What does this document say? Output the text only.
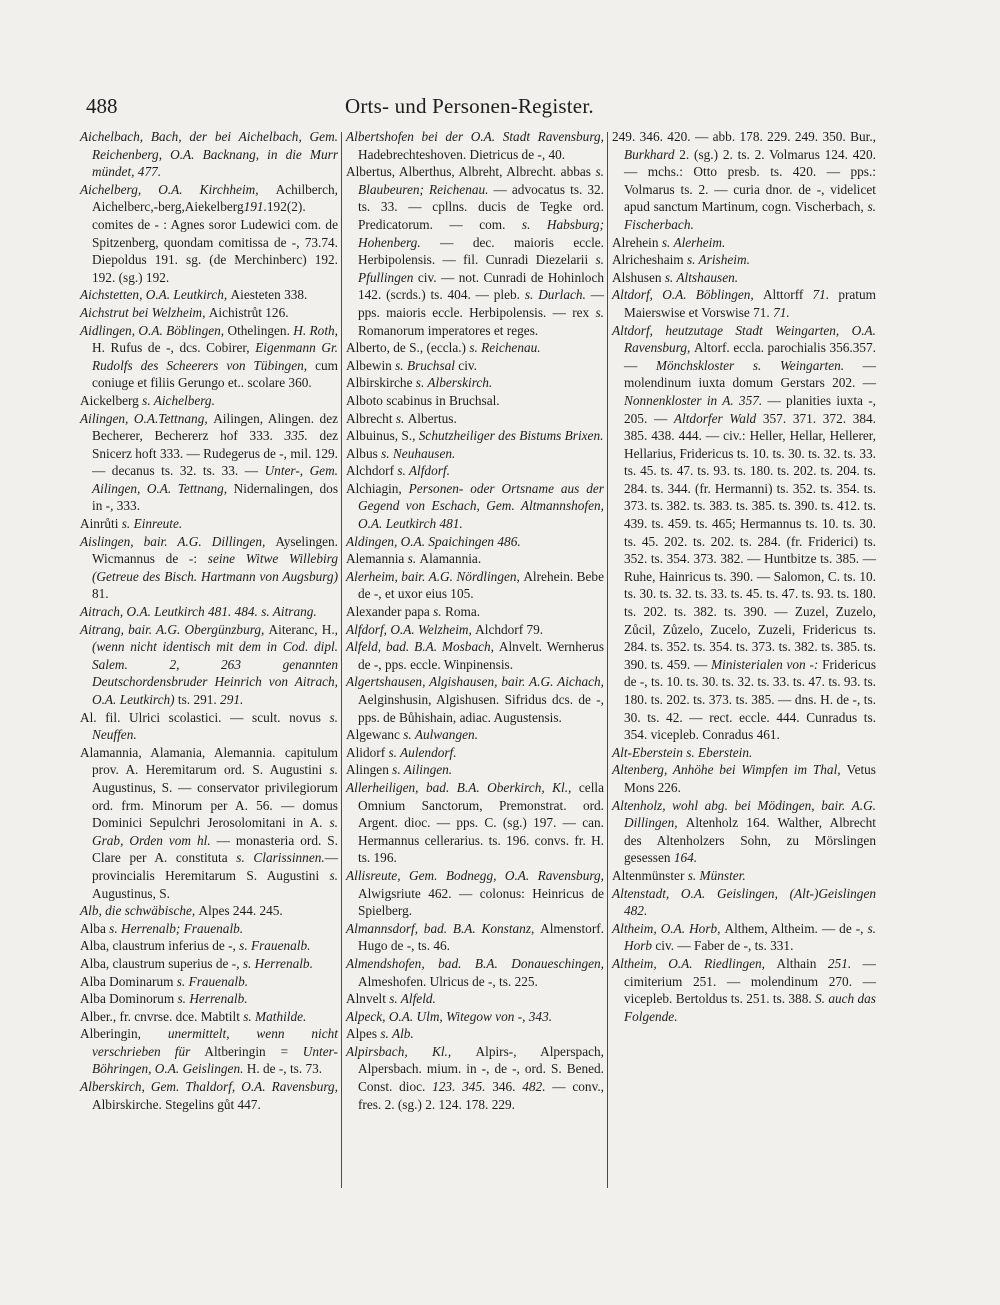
488	Orts- und Personen-Register.

Aichelbach, Bach, der bei Aichelbach, Gem. Reichenberg, O.A. Backnang, in die Murr mündet, 477.

Aichelberg, O.A. Kirchheim, Achilberch, Aichelberc,-berg,Aiekelberg191.192(2). comites de - : Agnes soror Ludewici com. de Spitzenberg, quondam comitissa de -, 73.74. Diepoldus 191. sg. (de Merchinberc) 192. 192. (sg.) 192.

Aichstetten, O.A. Leutkirch, Aiesteten 338.

Aichstrut bei Welzheim, Aichistrůt 126.

Aidlingen, O.A. Böblingen, Othelingen. H. Roth, H. Rufus de -, dcs. Cobirer, Eigenmann Gr. Rudolfs des Scheerers von Tübingen, cum coniuge et filiis Gerungo et.. scolare 360.

Aickelberg s. Aichelberg.

Ailingen, O.A.Tettnang, Ailingen, Alingen. dez Becherer, Bechererz hof 333. 335. dez Snicerz hoft 333. — Rudegerus de -, mil. 129. — decanus ts. 32. ts. 33. — Unter-, Gem. Ailingen, O.A. Tettnang, Nidernalingen, dos in -, 333.

Ainrůti s. Einreute.

Aislingen, bair. A.G. Dillingen, Ayselingen. Wicmannus de -: seine Witwe Willebirg (Getreue des Bisch. Hartmann von Augsburg) 81.

Aitrach, O.A. Leutkirch 481. 484. s. Aitrang.

Aitrang, bair. A.G. Obergünzburg, Aiteranc, H., (wenn nicht identisch mit dem in Cod. dipl. Salem. 2, 263 genannten Deutschordensbruder Heinrich von Aitrach, O.A. Leutkirch) ts. 291. 291.

Al. fil. Ulrici scolastici. — scult. novus s. Neuffen.

Alamannia, Alamania, Alemannia. capitulum prov. A. Heremitarum ord. S. Augustini s. Augustinus, S. — conservator privilegiorum ord. frm. Minorum per A. 56. — domus Dominici Sepulchri Jerosolomitani in A. s. Grab, Orden vom hl. — monasteria ord. S. Clare per A. constituta s. Clarissinnen.— provincialis Heremitarum S. Augustini s. Augustinus, S.

Alb, die schwäbische, Alpes 244. 245.

Alba s. Herrenalb; Frauenalb.

Alba, claustrum inferius de -, s. Frauenalb.

Alba, claustrum superius de -, s. Herrenalb.

Alba Dominarum s. Frauenalb.

Alba Dominorum s. Herrenalb.

Alber., fr. cnvrse. dce. Mabtilt s. Mathilde.

Alberingin, unermittelt, wenn nicht verschrieben für Altberingin = Unter-Böhringen, O.A. Geislingen. H. de -, ts. 73.

Alberskirch, Gem. Thaldorf, O.A. Ravensburg, Albirskirche. Stegelins gůt 447.

Albertshofen bei der O.A. Stadt Ravensburg, Hadebrechteshoven. Dietricus de -, 40.

Albertus, Alberthus, Albreht, Albrecht. abbas s. Blaubeuren; Reichenau. — advocatus ts. 32. ts. 33. — cpllns. ducis de Tegke ord. Predicatorum. — com. s. Habsburg; Hohenberg. — dec. maioris eccle. Herbipolensis. — fil. Cunradi Diezelarii s. Pfullingen civ. — not. Cunradi de Hohinloch 142. (scrds.) ts. 404. — pleb. s. Durlach. — pps. maioris eccle. Herbipolensis. — rex s. Romanorum imperatores et reges.

Alberto, de S., (eccla.) s. Reichenau.

Albewin s. Bruchsal civ.

Albirskirche s. Alberskirch.

Alboto scabinus in Bruchsal.

Albrecht s. Albertus.

Albuinus, S., Schutzheiliger des Bistums Brixen.

Albus s. Neuhausen.

Alchdorf s. Alfdorf.

Alchiagin, Personen- oder Ortsname aus der Gegend von Eschach, Gem. Altmannshofen, O.A. Leutkirch 481.

Aldingen, O.A. Spaichingen 486.

Alemannia s. Alamannia.

Alerheim, bair. A.G. Nördlingen, Alrehein. Bebe de -, et uxor eius 105.

Alexander papa s. Roma.

Alfdorf, O.A. Welzheim, Alchdorf 79.

Alfeld, bad. B.A. Mosbach, Alnvelt. Wernherus de -, pps. eccle. Winpinensis.

Algertshausen, Algishausen, bair. A.G. Aichach, Aelginshusin, Algishusen. Sifridus dcs. de -, pps. de Bůhishain, adiac. Augustensis.

Algewanc s. Aulwangen.

Alidorf s. Aulendorf.

Alingen s. Ailingen.

Allerheiligen, bad. B.A. Oberkirch, Kl., cella Omnium Sanctorum, Premonstrat. ord. Argent. dioc. — pps. C. (sg.) 197. — can. Hermannus cellerarius. ts. 196. convs. fr. H. ts. 196.

Allisreute, Gem. Bodnegg, O.A. Ravensburg, Alwigsriute 462. — colonus: Heinricus de Spielberg.

Almannsdorf, bad. B.A. Konstanz, Almenstorf. Hugo de -, ts. 46.

Almendshofen, bad. B.A. Donaueschingen, Almeshofen. Ulricus de -, ts. 225.

Alnvelt s. Alfeld.

Alpeck, O.A. Ulm, Witegow von -, 343.

Alpes s. Alb.

Alpirsbach, Kl., Alpirs-, Alperspach, Alpersbach. mium. in -, de -, ord. S. Bened. Const. dioc. 123. 345. 346. 482. — conv., fres. 2. (sg.) 2. 124. 178. 229.

249. 346. 420. — abb. 178. 229. 249. 350. Bur., Burkhard 2. (sg.) 2. ts. 2. Volmarus 124. 420. — mchs.: Otto presb. ts. 420. — pps.: Volmarus ts. 2. — curia dnor. de -, videlicet apud sanctum Martinum, cogn. Vischerbach, s. Fischerbach.

Alrehein s. Alerheim.

Alricheshaim s. Arisheim.

Alshusen s. Altshausen.

Altdorf, O.A. Böblingen, Alttorff 71. pratum Maierswise et Vorswise 71. 71.

Altdorf, heutzutage Stadt Weingarten, O.A. Ravensburg, Altorf. eccla. parochialis 356.357. — Mönchskloster s. Weingarten. — molendinum iuxta domum Gerstars 202. — Nonnenkloster in A. 357. — planities iuxta -, 205. — Altdorfer Wald 357. 371. 372. 384. 385. 438. 444. — civ.: Heller, Hellar, Hellerer, Hellarius, Fridericus ts. 10. ts. 30. ts. 32. ts. 33. ts. 45. ts. 47. ts. 93. ts. 180. ts. 202. ts. 204. ts. 284. ts. 344. (fr. Hermanni) ts. 352. ts. 354. ts. 373. ts. 382. ts. 383. ts. 385. ts. 390. ts. 412. ts. 439. ts. 459. ts. 465; Hermannus ts. 10. ts. 30. ts. 45. 202. ts. 202. ts. 284. (fr. Friderici) ts. 352. ts. 354. 373. 382. — Huntbitze ts. 385. — Ruhe, Hainricus ts. 390. — Salomon, C. ts. 10. ts. 30. ts. 32. ts. 33. ts. 45. ts. 47. ts. 93. ts. 180. ts. 202. ts. 382. ts. 390. — Zuzel, Zuzelo, Zůcil, Zůzelo, Zucelo, Zuzeli, Fridericus ts. 284. ts. 352. ts. 354. ts. 373. ts. 382. ts. 385. ts. 390. ts. 459. — Ministerialen von -: Fridericus de -, ts. 10. ts. 30. ts. 32. ts. 33. ts. 47. ts. 93. ts. 180. ts. 202. ts. 373. ts. 385. — dns. H. de -, ts. 30. ts. 42. — rect. eccle. 444. Cunradus ts. 354. vicepleb. Conradus 461.

Alt-Eberstein s. Eberstein.

Altenberg, Anhöhe bei Wimpfen im Thal, Vetus Mons 226.

Altenholz, wohl abg. bei Mödingen, bair. A.G. Dillingen, Altenholz 164. Walther, Albrecht des Altenholzers Sohn, zu Mörslingen gesessen 164.

Altenmünster s. Münster.

Altenstadt, O.A. Geislingen, (Alt-)Geislingen 482.

Altheim, O.A. Horb, Althem, Altheim. — de -, s. Horb civ. — Faber de -, ts. 331.

Altheim, O.A. Riedlingen, Althain 251. — cimiterium 251. — molendinum 270. — vicepleb. Bertoldus ts. 251. ts. 388. S. auch das Folgende.
